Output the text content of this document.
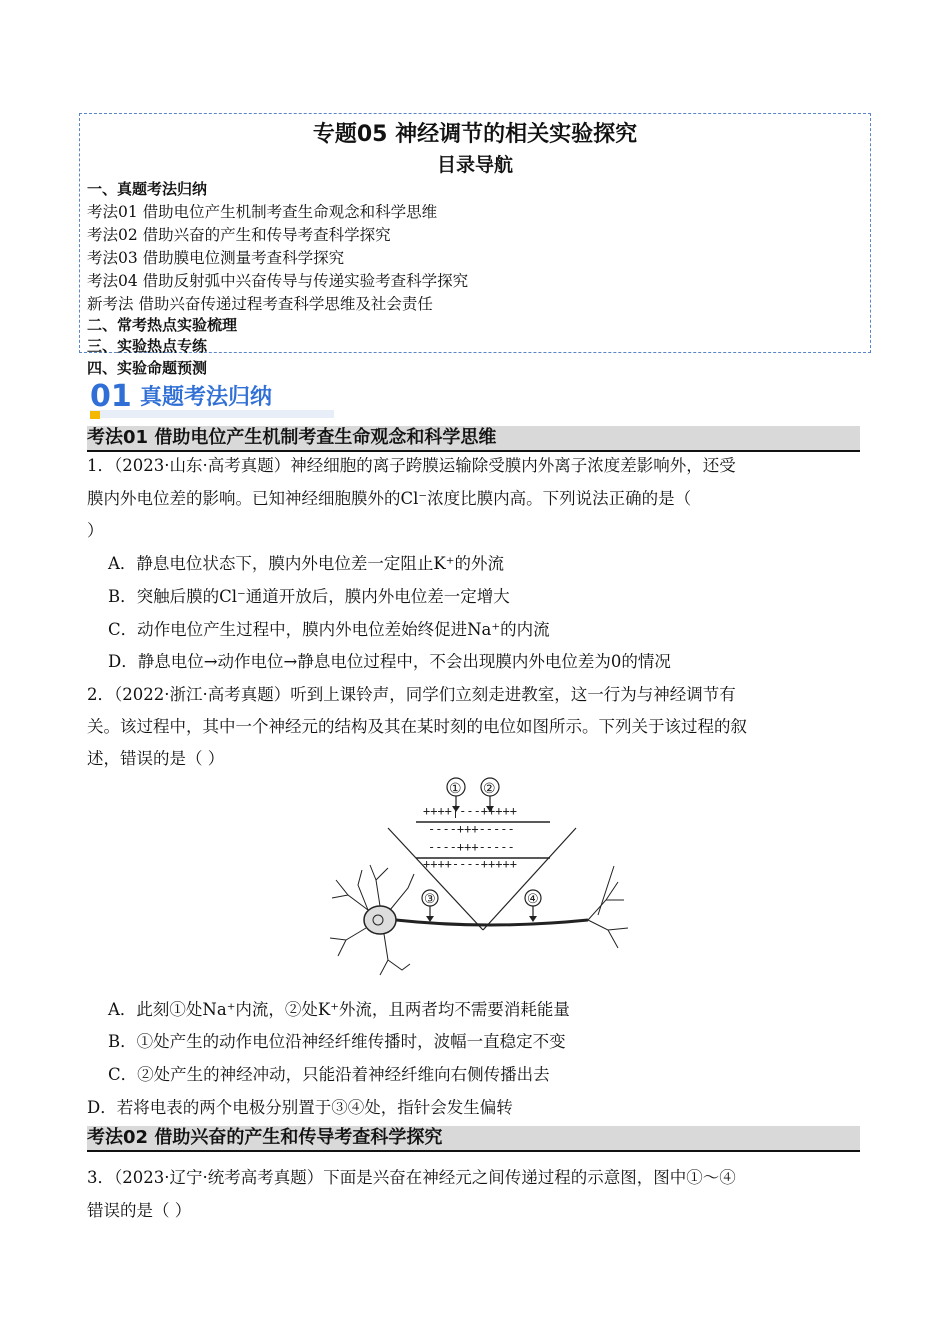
专题05 神经调节的相关实验探究
目录导航
一、真题考法归纳
考法01 借助电位产生机制考查生命观念和科学思维
考法02 借助兴奋的产生和传导考查科学探究
考法03 借助膜电位测量考查科学探究
考法04 借助反射弧中兴奋传导与传递实验考查科学探究
新考法 借助兴奋传递过程考查科学思维及社会责任
二、常考热点实验梳理
三、实验热点专练
四、实验命题预测
01 真题考法归纳
考法01 借助电位产生机制考查生命观念和科学思维
1．（2023·山东·高考真题）神经细胞的离子跨膜运输除受膜内外离子浓度差影响外，还受
膜内外电位差的影响。已知神经细胞膜外的Cl⁻浓度比膜内高。下列说法正确的是（
）
A．静息电位状态下，膜内外电位差一定阻止K⁺的外流
B．突触后膜的Cl⁻通道开放后，膜内外电位差一定增大
C．动作电位产生过程中，膜内外电位差始终促进Na⁺的内流
D．静息电位→动作电位→静息电位过程中，不会出现膜内外电位差为0的情况
2．（2022·浙江·高考真题）听到上课铃声，同学们立刻走进教室，这一行为与神经调节有
关。该过程中，其中一个神经元的结构及其在某时刻的电位如图所示。下列关于该过程的叙
述，错误的是（ ）
① ②
++++|---+++++
----+++-----
----+++-----
++++----+++++
③	④
A．此刻①处Na⁺内流，②处K⁺外流，且两者均不需要消耗能量
B．①处产生的动作电位沿神经纤维传播时，波幅一直稳定不变
C．②处产生的神经冲动，只能沿着神经纤维向右侧传播出去
D．若将电表的两个电极分别置于③④处，指针会发生偏转
考法02 借助兴奋的产生和传导考查科学探究
3．（2023·辽宁·统考高考真题）下面是兴奋在神经元之间传递过程的示意图，图中①～④
错误的是（ ）
